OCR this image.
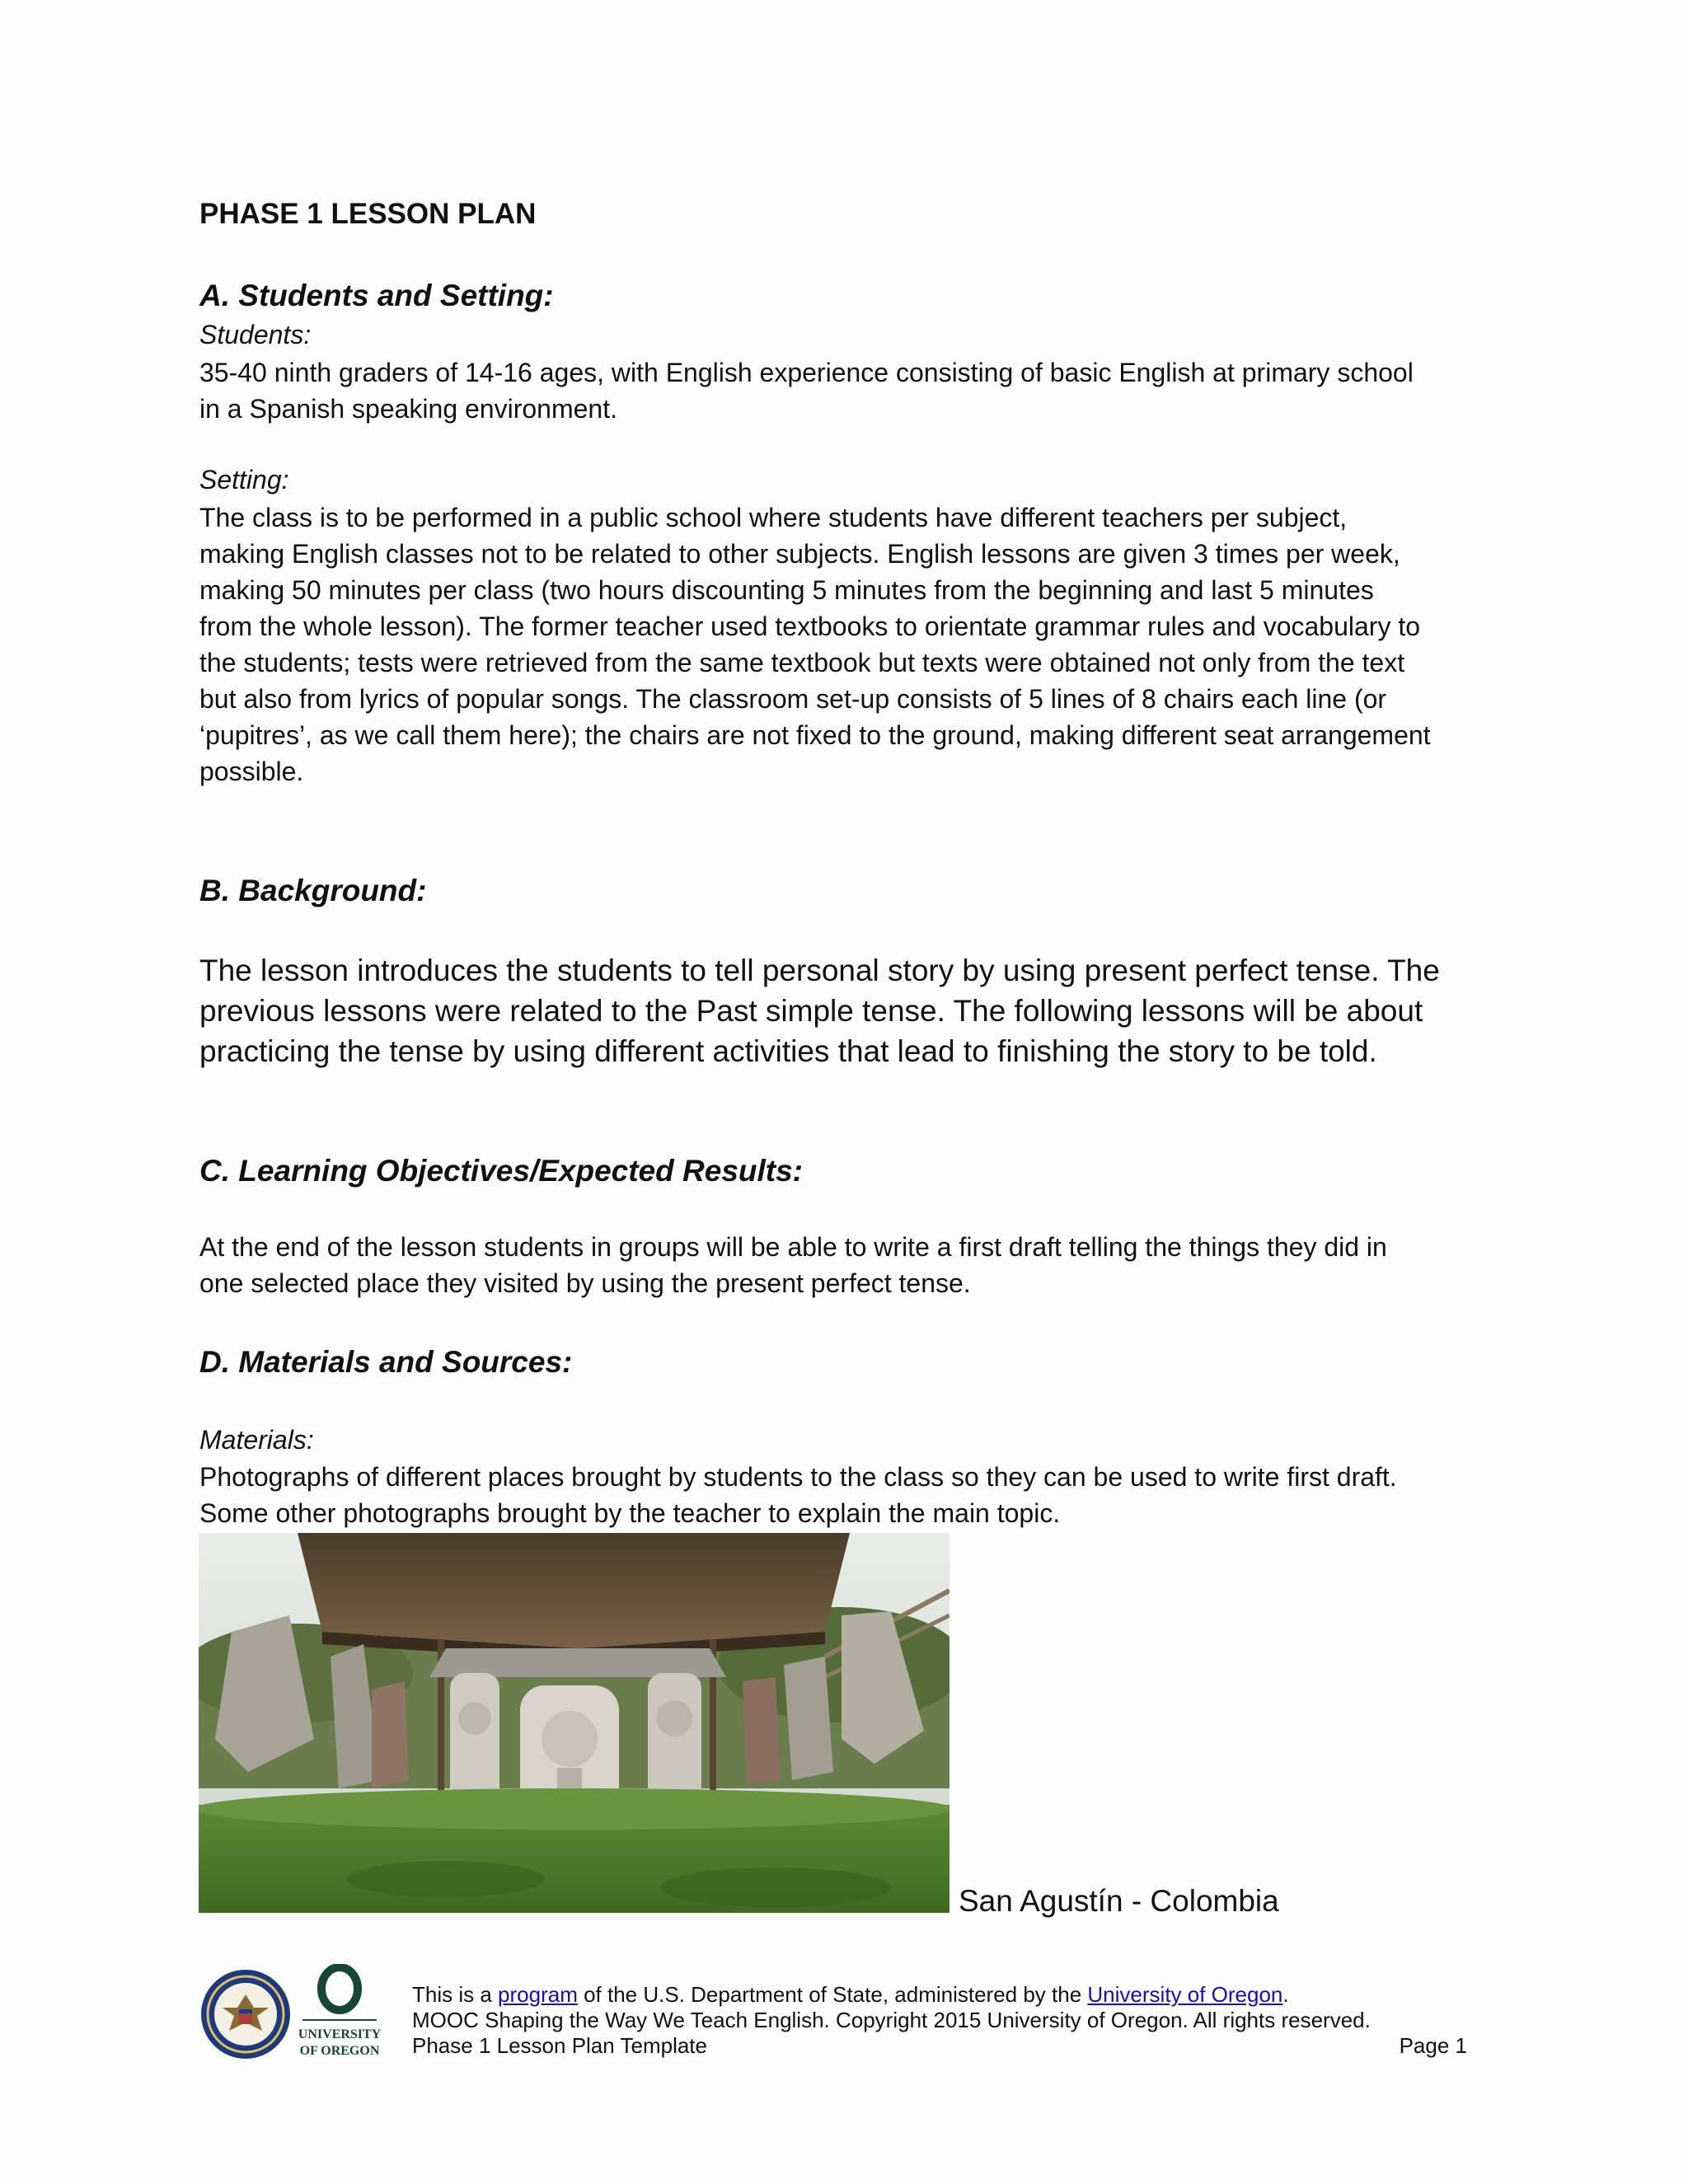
PHASE 1 LESSON PLAN
A. Students and Setting:
Students:
35-40 ninth graders of 14-16 ages, with English experience consisting of basic English at primary school
in a Spanish speaking environment.
Setting:
The class is to be performed in a public school where students have different teachers per subject,
making English classes not to be related to other subjects. English lessons are given 3 times per week,
making 50 minutes per class (two hours discounting 5 minutes from the beginning and last 5 minutes
from the whole lesson). The former teacher used textbooks to orientate grammar rules and vocabulary to
the students; tests were retrieved from the same textbook but texts were obtained not only from the text
but also from lyrics of popular songs. The classroom set-up consists of 5 lines of 8 chairs each line (or
‘pupitres’, as we call them here); the chairs are not fixed to the ground, making different seat arrangement
possible.
B. Background:
The lesson introduces the students to tell personal story by using present perfect tense. The
previous lessons were related to the Past simple tense. The following lessons will be about
practicing the tense by using different activities that lead to finishing the story to be told.
C. Learning Objectives/Expected Results:
At the end of the lesson students in groups will be able to write a first draft telling the things they did in
one selected place they visited by using the present perfect tense.
D. Materials and Sources:
Materials:
Photographs of different places brought by students to the class so they can be used to write first draft.
Some other photographs brought by the teacher to explain the main topic.
San Agustín - Colombia
UNIVERSITY
OF OREGON
This is a program of the U.S. Department of State, administered by the University of Oregon.
MOOC Shaping the Way We Teach English. Copyright 2015 University of Oregon. All rights reserved.
Phase 1 Lesson Plan Template	Page 1
